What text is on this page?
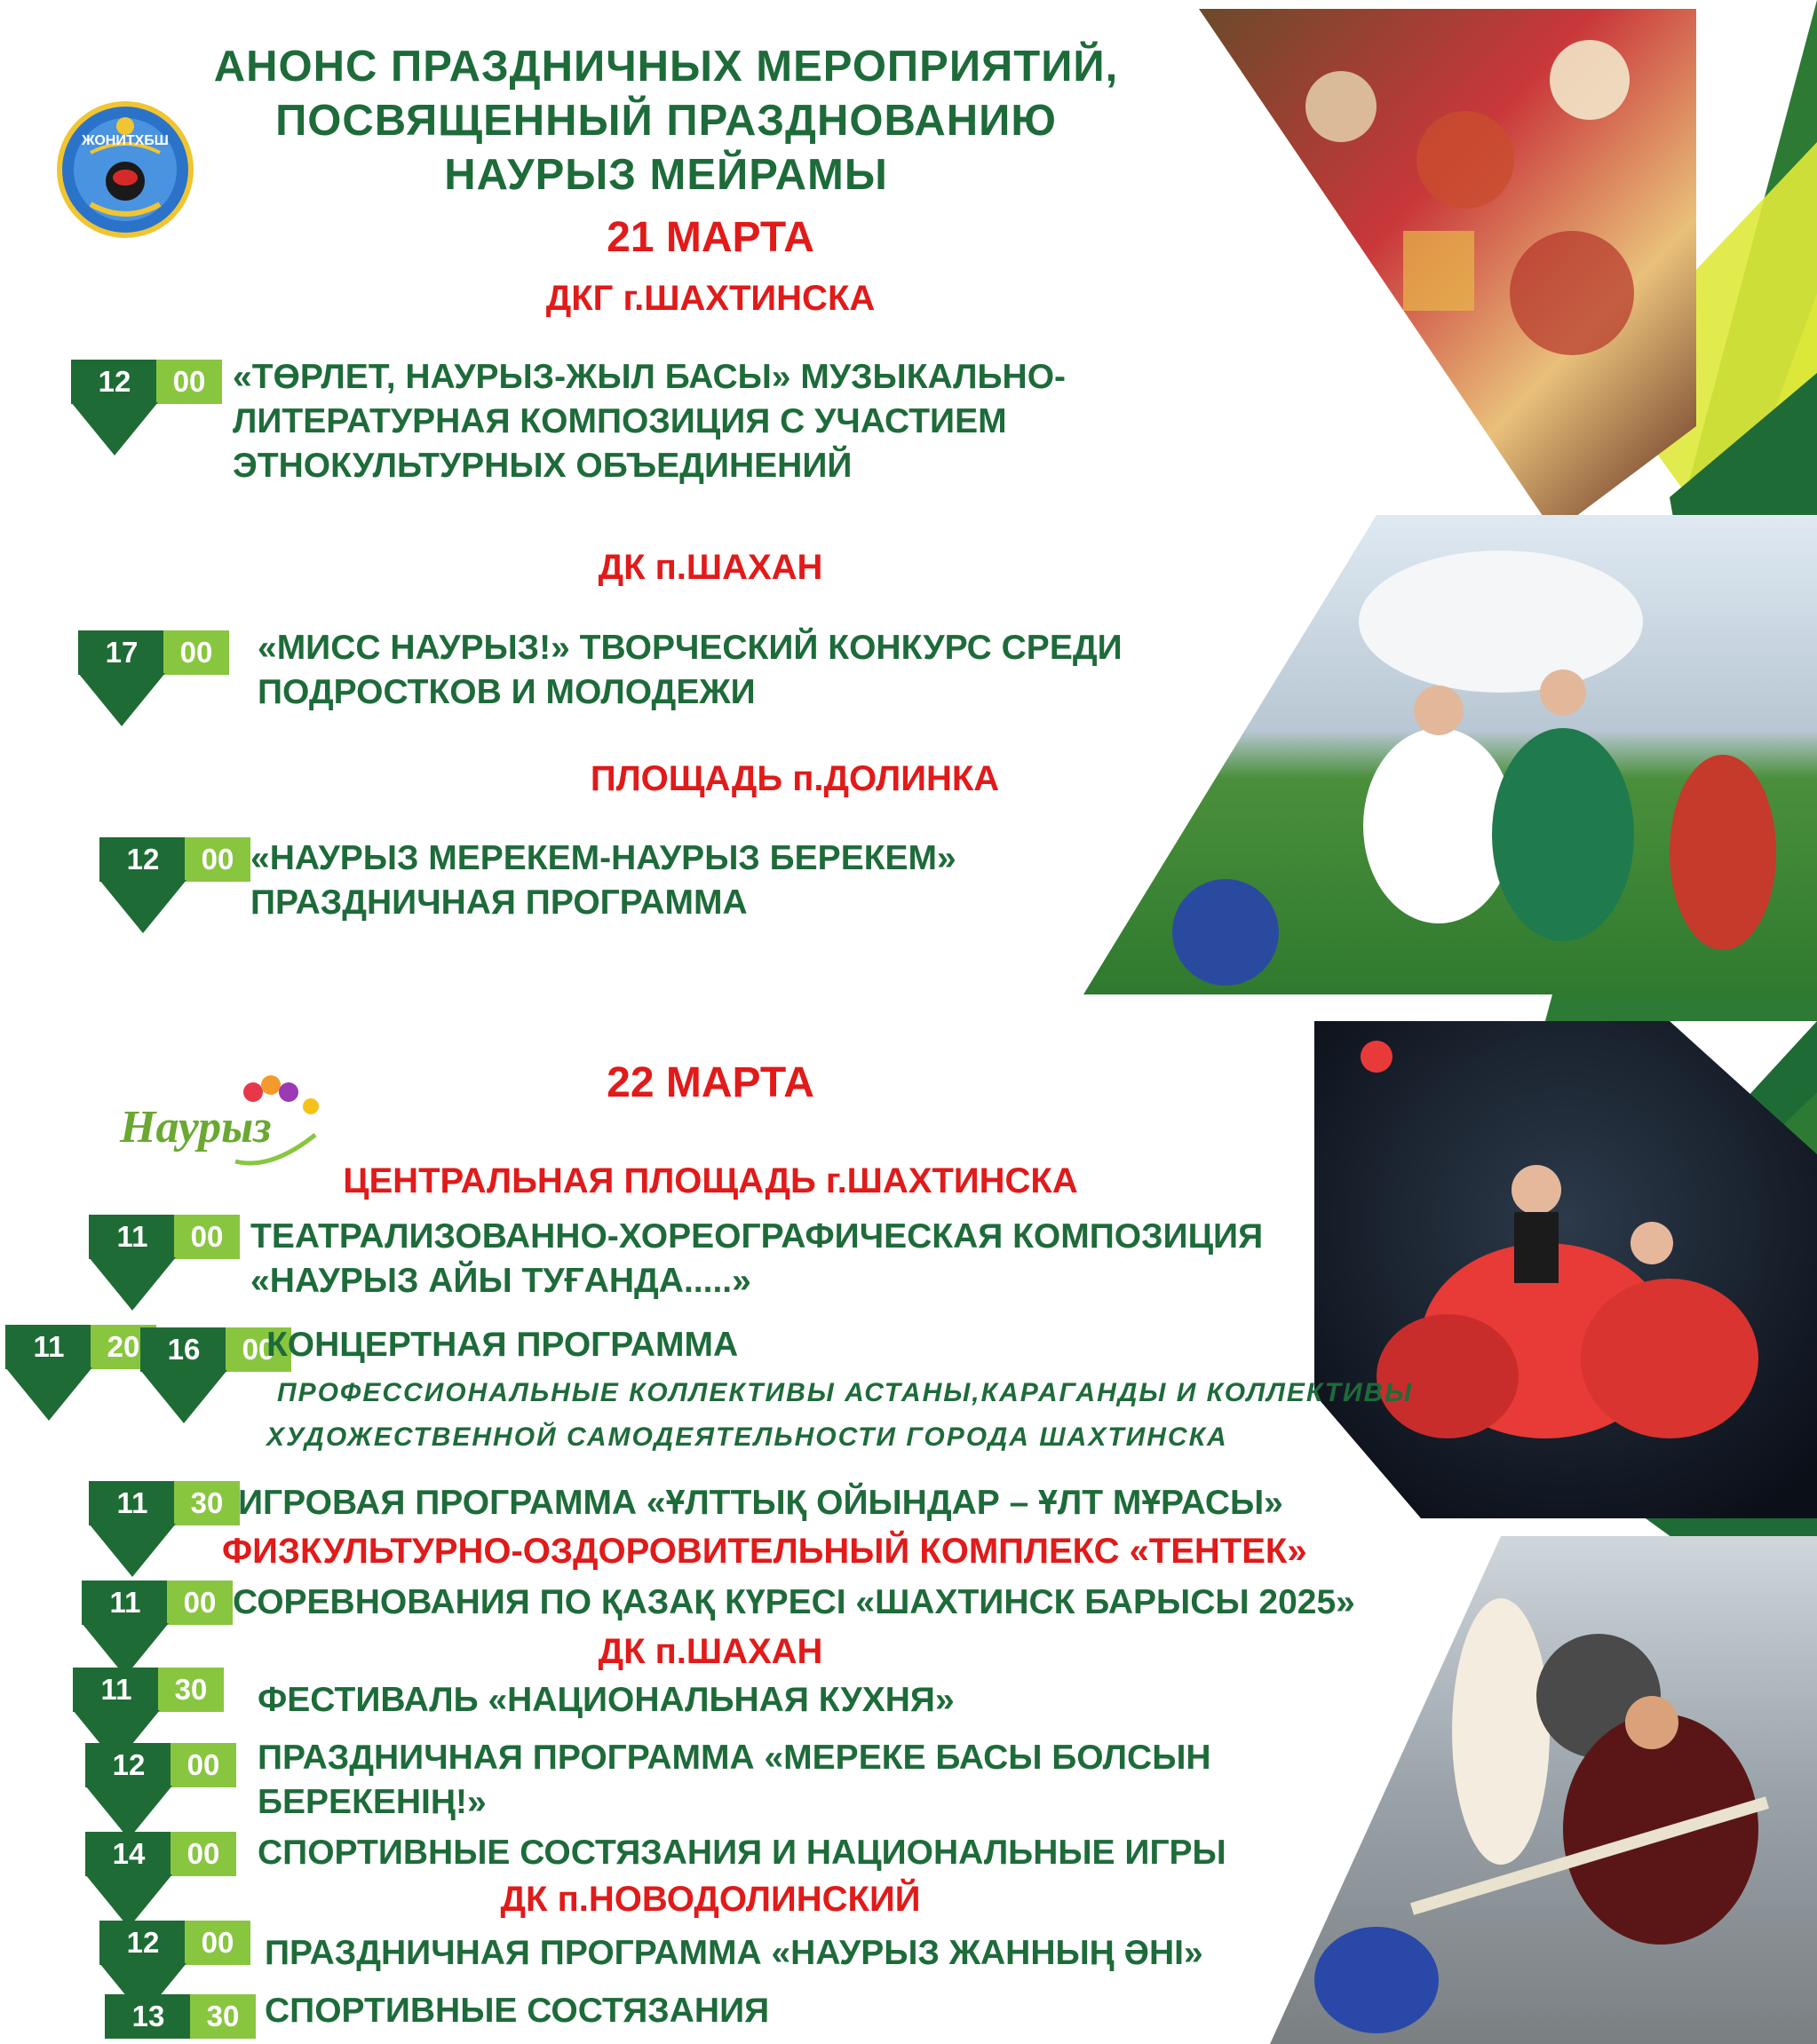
ЖОНИТХБШ
АНОНС ПРАЗДНИЧНЫХ МЕРОПРИЯТИЙ,
ПОСВЯЩЕННЫЙ ПРАЗДНОВАНИЮ
НАУРЫЗ МЕЙРАМЫ
21 МАРТА
ДКГ г.ШАХТИНСКА
12	00 «ТӨРЛЕТ, НАУРЫЗ-ЖЫЛ БАСЫ» МУЗЫКАЛЬНО-
ЛИТЕРАТУРНАЯ КОМПОЗИЦИЯ С УЧАСТИЕМ
ЭТНОКУЛЬТУРНЫХ ОБЪЕДИНЕНИЙ
ДК п.ШАХАН
17	00	«МИСС НАУРЫЗ!» ТВОРЧЕСКИЙ КОНКУРС СРЕДИ
ПОДРОСТКОВ И МОЛОДЕЖИ
ПЛОЩАДЬ п.ДОЛИНКА
12	00 «НАУРЫЗ МЕРЕКЕМ-НАУРЫЗ БЕРЕКЕМ»
ПРАЗДНИЧНАЯ ПРОГРАММА
Наурыз
22 МАРТА
ЦЕНТРАЛЬНАЯ ПЛОЩАДЬ г.ШАХТИНСКА
11	00 ТЕАТРАЛИЗОВАННО-ХОРЕОГРАФИЧЕСКАЯ КОМПОЗИЦИЯ
«НАУРЫЗ АЙЫ ТУҒАНДА.....»
11	20 16	00
КОНЦЕРТНАЯ ПРОГРАММА
ПРОФЕССИОНАЛЬНЫЕ КОЛЛЕКТИВЫ АСТАНЫ,КАРАГАНДЫ И КОЛЛЕКТИВЫ
ХУДОЖЕСТВЕННОЙ САМОДЕЯТЕЛЬНОСТИ ГОРОДА ШАХТИНСКА
11	30 ИГРОВАЯ ПРОГРАММА «ҰЛТТЫҚ ОЙЫНДАР – ҰЛТ МҰРАСЫ»
ФИЗКУЛЬТУРНО-ОЗДОРОВИТЕЛЬНЫЙ КОМПЛЕКС «ТЕНТЕК»
11	00 СОРЕВНОВАНИЯ ПО ҚАЗАҚ КҮРЕСІ «ШАХТИНСК БАРЫСЫ 2025»
ДК п.ШАХАН
11	30	ФЕСТИВАЛЬ «НАЦИОНАЛЬНАЯ КУХНЯ»
12	00	ПРАЗДНИЧНАЯ ПРОГРАММА «МЕРЕКЕ БАСЫ БОЛСЫН
БЕРЕКЕНІҢ!»
14	00	СПОРТИВНЫЕ СОСТЯЗАНИЯ И НАЦИОНАЛЬНЫЕ ИГРЫ
ДК п.НОВОДОЛИНСКИЙ
12	00 ПРАЗДНИЧНАЯ ПРОГРАММА «НАУРЫЗ ЖАННЫҢ ӘНІ»
13	30 СПОРТИВНЫЕ СОСТЯЗАНИЯ
